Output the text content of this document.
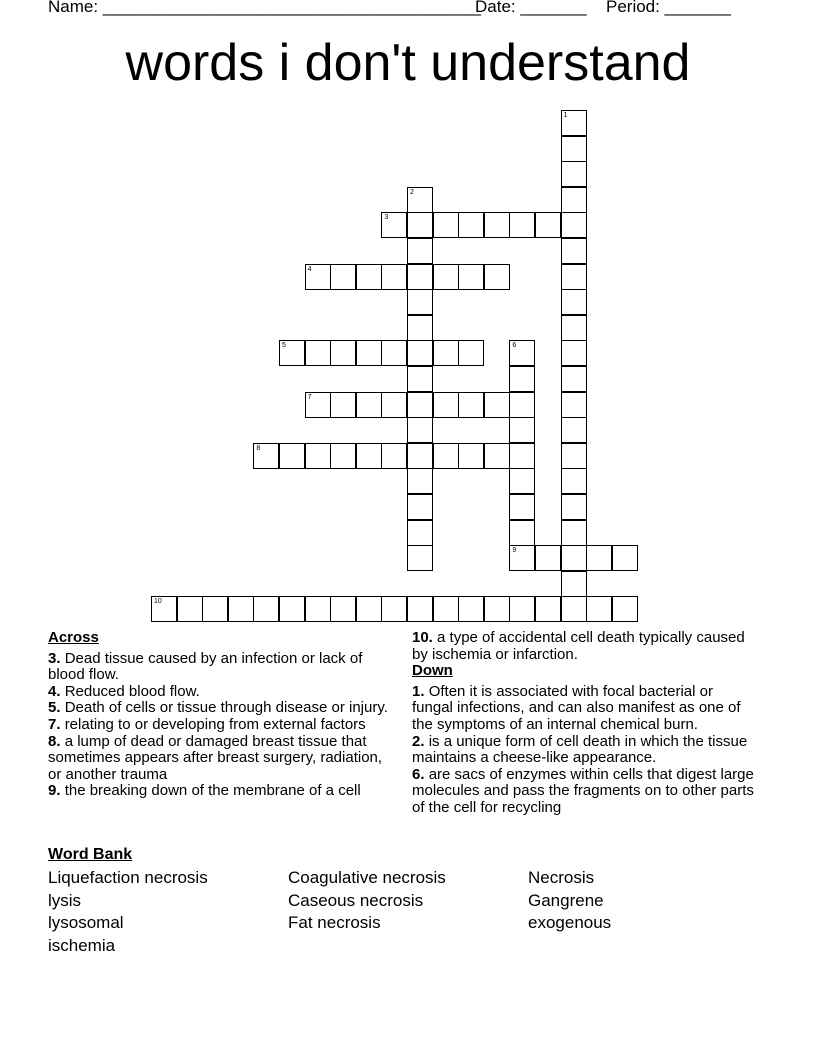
Name: ________________________________________
Date: _______ Period: _______
words i don't understand
1
2
3
4
5	6
7
8
9
10
Across
3. Dead tissue caused by an infection or lack of blood flow.
4. Reduced blood flow.
5. Death of cells or tissue through disease or injury.
7. relating to or developing from external factors
8. a lump of dead or damaged breast tissue that sometimes appears after breast surgery, radiation, or another trauma
9. the breaking down of the membrane of a cell
10. a type of accidental cell death typically caused by ischemia or infarction.
Down
1. Often it is associated with focal bacterial or fungal infections, and can also manifest as one of the symptoms of an internal chemical burn.
2. is a unique form of cell death in which the tissue maintains a cheese-like appearance.
6. are sacs of enzymes within cells that digest large molecules and pass the fragments on to other parts of the cell for recycling
Word Bank
Liquefaction necrosis
lysis
lysosomal
ischemia
Coagulative necrosis
Caseous necrosis
Fat necrosis
Necrosis
Gangrene
exogenous
